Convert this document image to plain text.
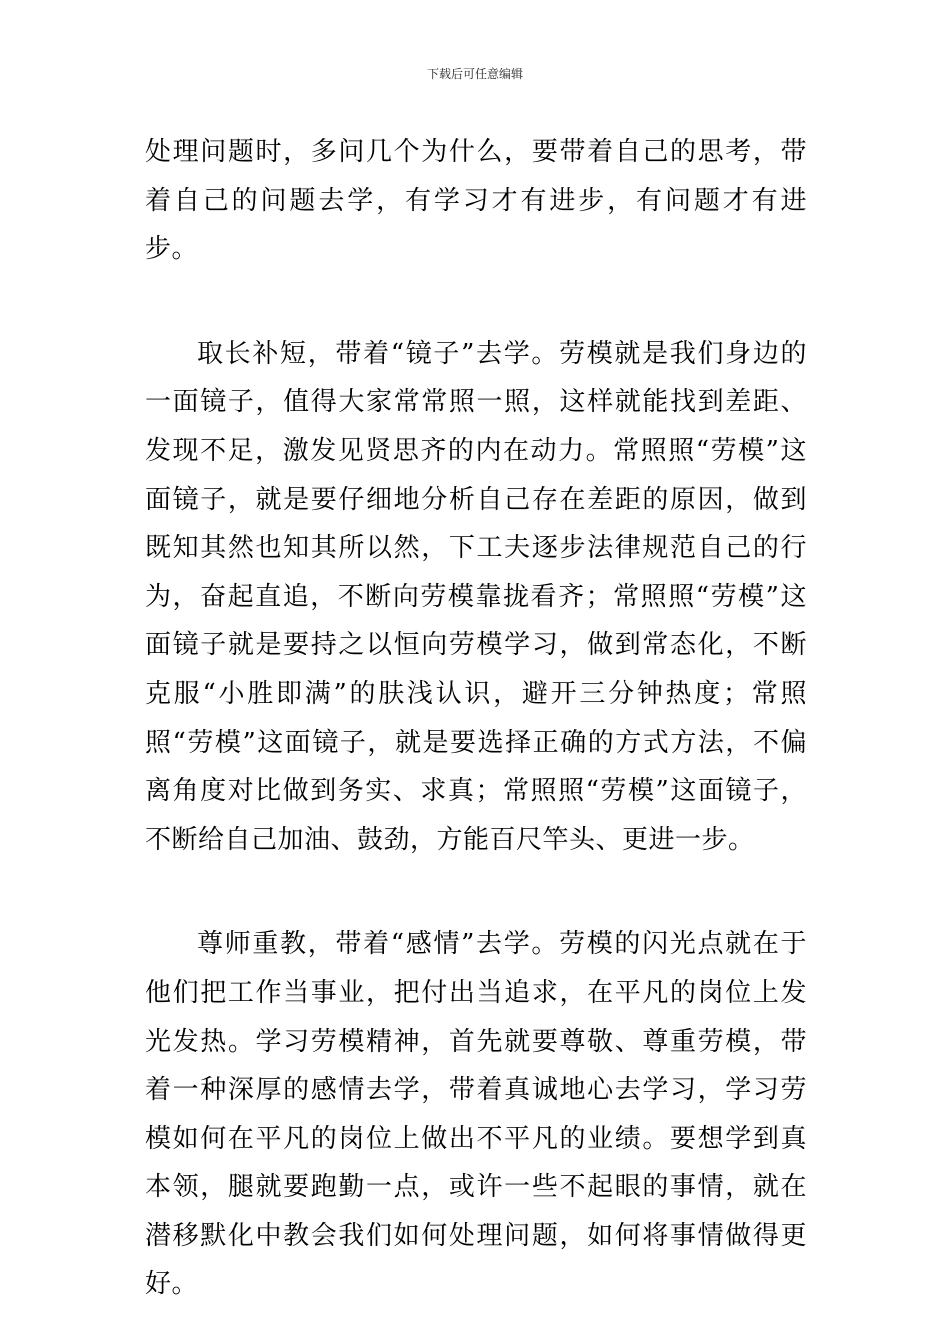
下载后可任意编辑

处理问题时，多问几个为什么，要带着自己的思考，带着自己的问题去学，有学习才有进步，有问题才有进步。

取长补短，带着“镜子”去学。劳模就是我们身边的一面镜子，值得大家常常照一照，这样就能找到差距、发现不足，激发见贤思齐的内在动力。常照照“劳模”这面镜子，就是要仔细地分析自己存在差距的原因，做到既知其然也知其所以然，下工夫逐步法律规范自己的行为，奋起直追，不断向劳模靠拢看齐；常照照“劳模”这面镜子就是要持之以恒向劳模学习，做到常态化，不断克服“小胜即满”的肤浅认识，避开三分钟热度；常照照“劳模”这面镜子，就是要选择正确的方式方法，不偏离角度对比做到务实、求真；常照照“劳模”这面镜子，不断给自己加油、鼓劲，方能百尺竿头、更进一步。

尊师重教，带着“感情”去学。劳模的闪光点就在于他们把工作当事业，把付出当追求，在平凡的岗位上发光发热。学习劳模精神，首先就要尊敬、尊重劳模，带着一种深厚的感情去学，带着真诚地心去学习，学习劳模如何在平凡的岗位上做出不平凡的业绩。要想学到真本领，腿就要跑勤一点，或许一些不起眼的事情，就在潜移默化中教会我们如何处理问题，如何将事情做得更好。
